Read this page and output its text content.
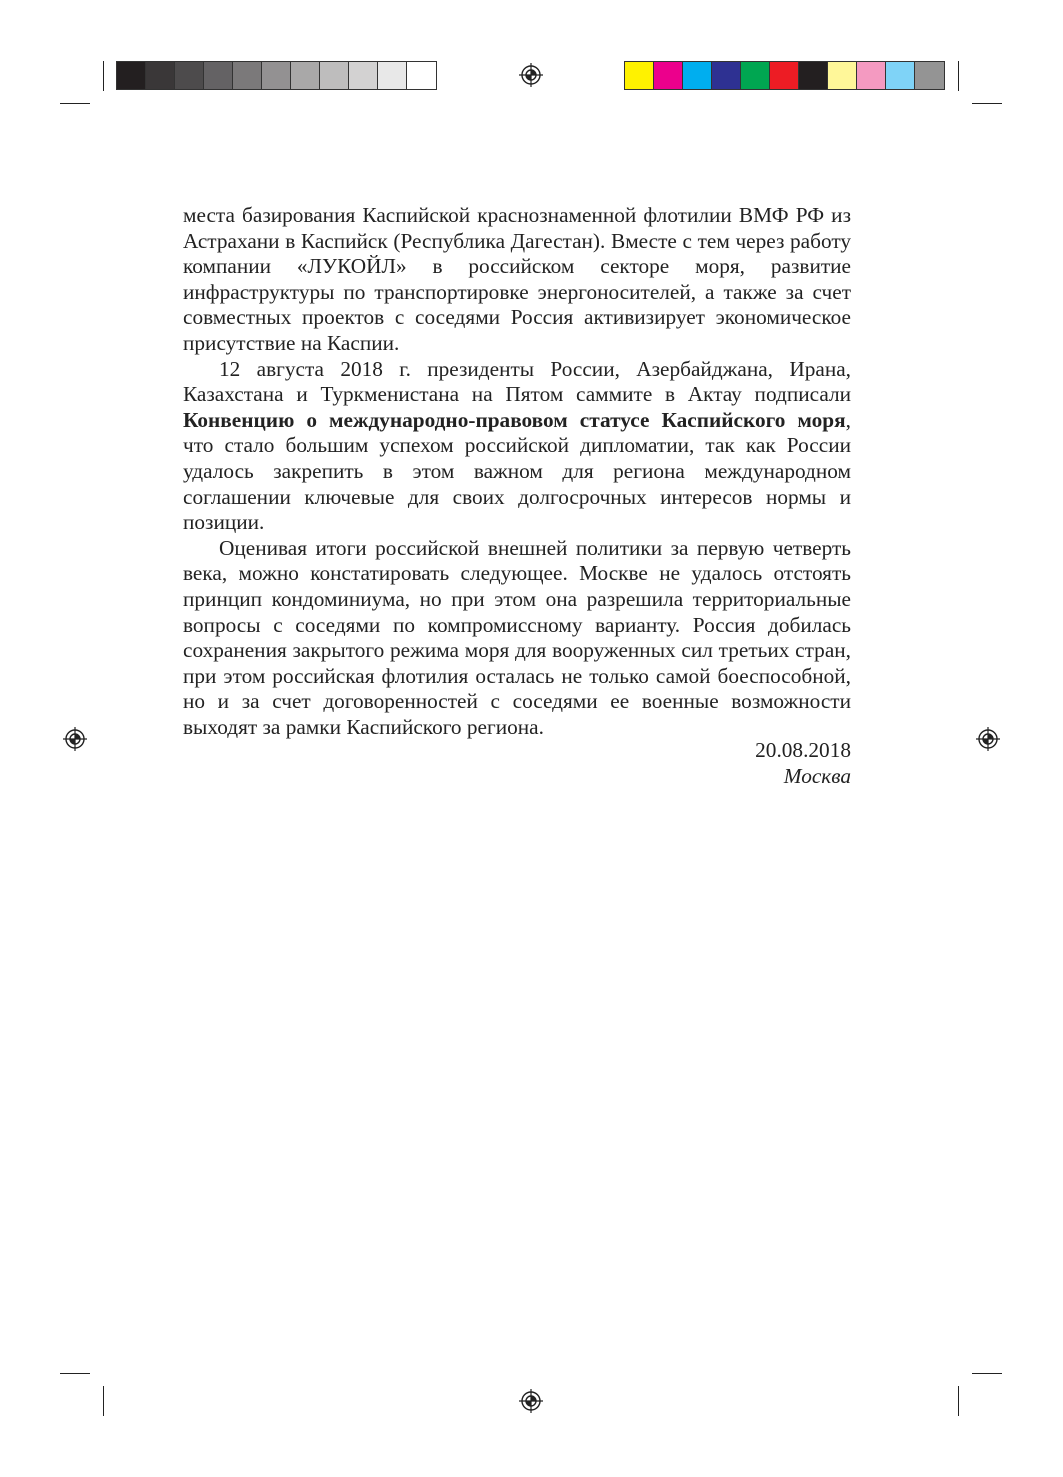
места базирования Каспийской краснознаменной флотилии ВМФ РФ из Астрахани в Каспийск (Республика Дагестан). Вместе с тем через работу компании «ЛУКОЙЛ» в российском секторе моря, развитие инфраструктуры по транспортировке энергоносителей, а также за счет совместных проектов с соседями Россия активизирует экономическое присутствие на Каспии.

12 августа 2018 г. президенты России, Азербайджана, Ирана, Казахстана и Туркменистана на Пятом саммите в Актау подписали Конвенцию о международно-правовом статусе Каспийского моря, что стало большим успехом российской дипломатии, так как России удалось закрепить в этом важном для региона международном соглашении ключевые для своих долгосрочных интересов нормы и позиции.

Оценивая итоги российской внешней политики за первую четверть века, можно констатировать следующее. Москве не удалось отстоять принцип кондоминиума, но при этом она разрешила территориальные вопросы с соседями по компромиссному варианту. Россия добилась сохранения закрытого режима моря для вооруженных сил третьих стран, при этом российская флотилия осталась не только самой боеспособной, но и за счет договоренностей с соседями ее военные возможности выходят за рамки Каспийского региона.

20.08.2018
Москва
